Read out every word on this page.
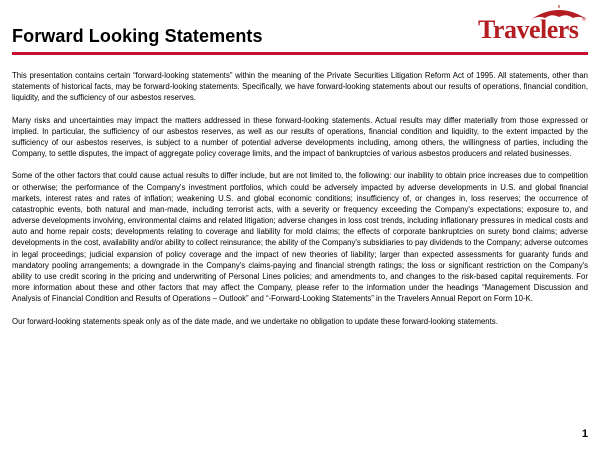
Forward Looking Statements	Travelers ®

This presentation contains certain “forward-looking statements” within the meaning of the Private Securities Litigation Reform Act of 1995. All statements, other than statements of historical facts, may be forward-looking statements. Specifically, we have forward-looking statements about our results of operations, financial condition, liquidity, and the sufficiency of our asbestos reserves.

Many risks and uncertainties may impact the matters addressed in these forward-looking statements. Actual results may differ materially from those expressed or implied. In particular, the sufficiency of our asbestos reserves, as well as our results of operations, financial condition and liquidity, to the extent impacted by the sufficiency of our asbestos reserves, is subject to a number of potential adverse developments including, among others, the willingness of parties, including the Company, to settle disputes, the impact of aggregate policy coverage limits, and the impact of bankruptcies of various asbestos producers and related businesses.

Some of the other factors that could cause actual results to differ include, but are not limited to, the following: our inability to obtain price increases due to competition or otherwise; the performance of the Company's investment portfolios, which could be adversely impacted by adverse developments in U.S. and global financial markets, interest rates and rates of inflation; weakening U.S. and global economic conditions; insufficiency of, or changes in, loss reserves; the occurrence of catastrophic events, both natural and man-made, including terrorist acts, with a severity or frequency exceeding the Company's expectations; exposure to, and adverse developments involving, environmental claims and related litigation; adverse changes in loss cost trends, including inflationary pressures in medical costs and auto and home repair costs; developments relating to coverage and liability for mold claims; the effects of corporate bankruptcies on surety bond claims; adverse developments in the cost, availability and/or ability to collect reinsurance; the ability of the Company's subsidiaries to pay dividends to the Company; adverse outcomes in legal proceedings; judicial expansion of policy coverage and the impact of new theories of liability; larger than expected assessments for guaranty funds and mandatory pooling arrangements; a downgrade in the Company's claims-paying and financial strength ratings; the loss or significant restriction on the Company's ability to use credit scoring in the pricing and underwriting of Personal Lines policies; and amendments to, and changes to the risk-based capital requirements. For more information about these and other factors that may affect the Company, please refer to the information under the headings “Management Discussion and Analysis of Financial Condition and Results of Operations – Outlook” and “-Forward-Looking Statements” in the Travelers Annual Report on Form 10-K.

Our forward-looking statements speak only as of the date made, and we undertake no obligation to update these forward-looking statements.

1
